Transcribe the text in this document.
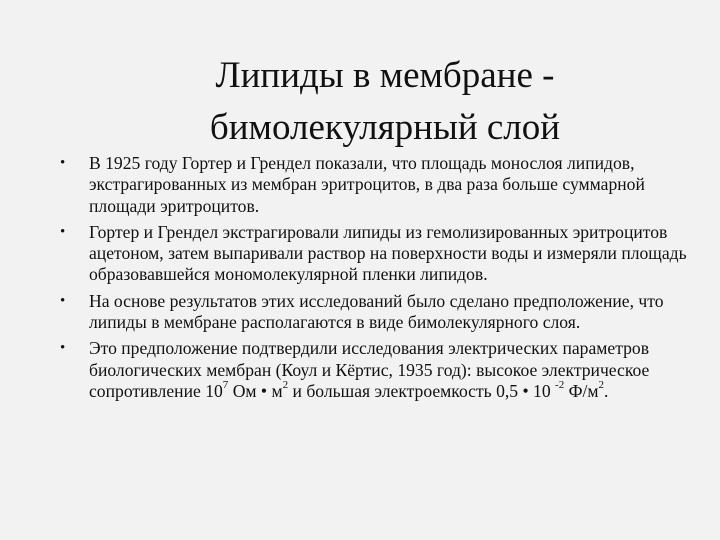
Липиды в мембране -
бимолекулярный слой
•
В 1925 году Гортер и Грендел показали, что площадь монослоя липидов, экстрагированных из мембран эритроцитов, в два раза больше суммарной площади эритроцитов.
•
Гортер и Грендел экстрагировали липиды из гемолизированных эритроцитов ацетоном, затем выпаривали раствор на поверхности воды и измеряли площадь образовавшейся мономолекулярной пленки липидов.
•
На основе результатов этих исследований было сделано предположение, что липиды в мембране располагаются в виде бимолекулярного слоя.
•
Это предположение подтвердили исследования электрических параметров биологических мембран (Коул и Кёртис, 1935 год): высокое электрическое сопротивление $10^7$ Ом • $м^2$ и большая электроемкость 0,5 • 10 $^{-2}$ $Ф/м^2$.
